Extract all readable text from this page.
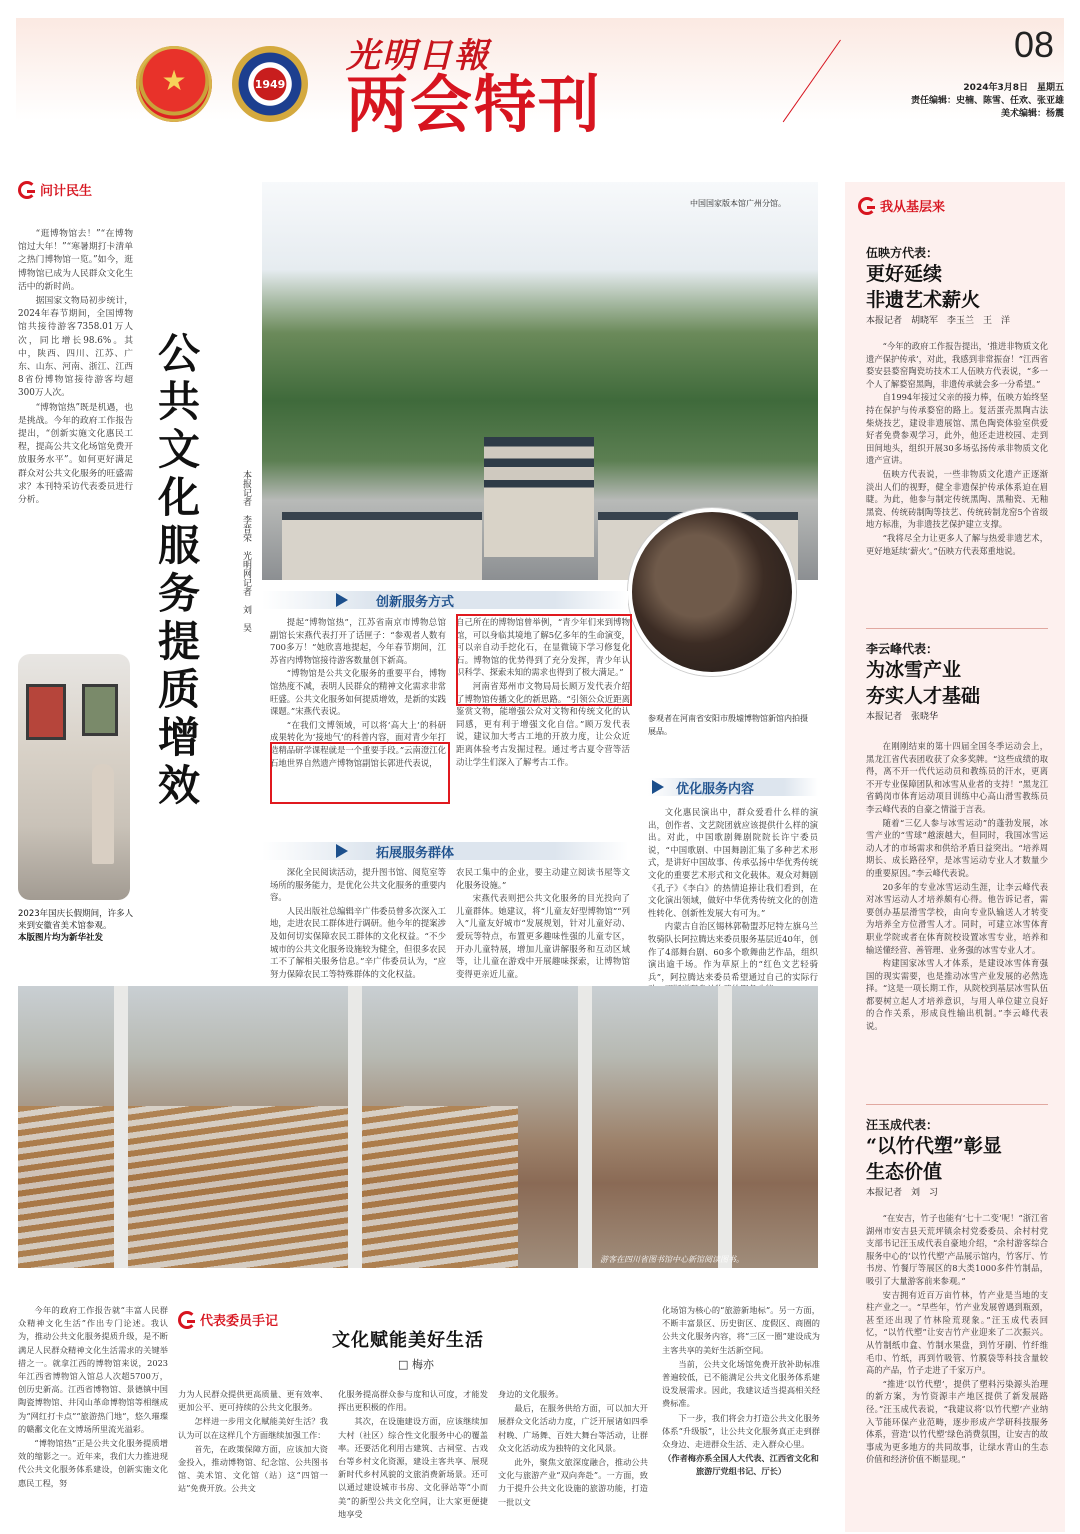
★	1949
光明日報
两会特刊
08
2024年3月8日　星期五
责任编辑：史楠、陈雪、任欢、张亚雄
美术编辑：杨震
问计民生

“逛博物馆去！”“在博物馆过大年！”“寒暑期打卡清单之热门博物馆一览。”如今，逛博物馆已成为人民群众文化生活中的新时尚。

据国家文物局初步统计，2024年春节期间，全国博物馆共接待游客7358.01万人次，同比增长98.6%。其中，陕西、四川、江苏、广东、山东、河南、浙江、江西8省份博物馆接待游客均超300万人次。

“博物馆热”既是机遇，也是挑战。今年的政府工作报告提出，“创新实施文化惠民工程，提高公共文化场馆免费开放服务水平”。如何更好满足群众对公共文化服务的旺盛需求？本刊特采访代表委员进行分析。

公共文化服务提质增效
本报记者　李晋荣　光明网记者　刘　昊
2023年国庆长假期间，许多人来到安徽省美术馆参观。
本版图片均为新华社发
中国国家版本馆广州分馆。
创新服务方式
优化服务内容
拓展服务群体

提起“博物馆热”，江苏省南京市博物总馆副馆长宋燕代表打开了话匣子：“参观者人数有700多万！”她欣喜地提起，今年春节期间，江苏省内博物馆接待游客数量创下新高。

“博物馆是公共文化服务的重要平台，博物馆热度不减，表明人民群众的精神文化需求非常旺盛。公共文化服务如何提质增效，是新的实践课题。”宋燕代表说。

“在我们文博领域，可以将‘高大上’的科研成果转化为‘接地气’的科普内容，面对青少年打造精品研学课程就是一个重要手段。”云南澄江化石地世界自然遗产博物馆副馆长郭进代表说，

自己所在的博物馆曾举例，“青少年们来到博物馆，可以身临其境地了解5亿多年的生命演变，可以亲自动手挖化石，在显微镜下学习修复化石。博物馆的优势得到了充分发挥，青少年认识科学、探索未知的需求也得到了极大满足。”

河南省郑州市文物局局长顾万发代表介绍了博物馆传播文化的新思路。“引领公众近距离鉴赏文物，能增强公众对文物和传统文化的认同感，更有利于增强文化自信。”顾万发代表说，建议加大考古工地的开放力度，让公众近距离体验考古发掘过程。通过考古夏令营等活动让学生们深入了解考古工作。

参观者在河南省安阳市殷墟博物馆新馆内拍摄展品。

文化惠民演出中，群众爱看什么样的演出，创作者、文艺院团就应该提供什么样的演出。对此，中国歌剧舞剧院院长许宁委员说，“中国歌剧、中国舞剧汇集了多种艺术形式，是讲好中国故事、传承弘扬中华优秀传统文化的重要艺术形式和文化载体。观众对舞剧《孔子》《李白》的热情追捧让我们看到，在文化演出领域，做好中华优秀传统文化的创造性转化、创新性发展大有可为。”

内蒙古自治区锡林郭勒盟苏尼特左旗乌兰牧骑队长阿拉腾达来委员服务基层近40年，创作了4部舞台剧、60多个歌舞曲艺作品，组织演出逾千场。作为草原上的“红色文艺轻骑兵”，阿拉腾达来委员希望通过自己的实际行

深化全民阅读活动，提升图书馆、阅览室等场所的服务能力，是优化公共文化服务的重要内容。

人民出版社总编辑辛广伟委员曾多次深入工地，走进农民工群体进行调研。他今年的提案涉及如何切实保障农民工群体的文化权益。“不少城市的公共文化服务设施较为健全，但很多农民工不了解相关服务信息。”辛广伟委员认为，“应努力保障农民工等特殊群体的文化权益。

农民工集中的企业，要主动建立阅读书屋等文化服务设施。”

宋燕代表则把公共文化服务的目光投向了儿童群体。她建议，将“儿童友好型博物馆”“列入”儿童友好城市“发展规划，针对儿童好动、爱玩等特点，布置更多趣味性强的儿童专区，开办儿童特展，增加儿童讲解服务和互动区域等，让儿童在游戏中开展趣味探索，让博物馆变得更亲近儿童。

游客在四川省图书馆中心新馆阅读图书。

今年的政府工作报告就“丰富人民群众精神文化生活”作出专门论述。我认为，推动公共文化服务提质升级，是不断满足人民群众精神文化生活需求的关键举措之一。就拿江西的博物馆来说，2023年江西省博物馆入馆总人次超5700万，创历史新高。江西省博物馆、景德镇中国陶瓷博物馆、井冈山革命博物馆等相继成为“网红打卡点”“旅游热门地”，悠久璀璨的赣鄱文化在文博场所里流光溢彩。

“博物馆热”正是公共文化服务提质增效的缩影之一。近年来，我们大力推进现代公共文化服务体系建设，创新实施文化惠民工程，努

代表委员手记
文化赋能美好生活
□ 梅亦

力为人民群众提供更高质量、更有效率、更加公平、更可持续的公共文化服务。

怎样进一步用文化赋能美好生活？我认为可以在这样几个方面继续加强工作：

首先，在政策保障方面，应该加大资金投入，推动博物馆、纪念馆、公共图书馆、美术馆、文化馆（站）这“四馆一站”免费开放。公共文

化服务提高群众参与度和认可度，才能发挥出更积极的作用。

其次，在设施建设方面，应该继续加大村（社区）综合性文化服务中心的覆盖率。还要活化利用古建筑、古祠堂、古戏台等乡村文化资源，建设主客共享、展现新时代乡村风貌的文旅消费新场景。还可以通过建设城市书房、文化驿站等“小而美”的新型公共文化空间，让大家更便捷地享受

身边的文化服务。

最后，在服务供给方面，可以加大开展群众文化活动力度，广泛开展诸如四季村晚、广场舞、百姓大舞台等活动，让群众文化活动成为独特的文化风景。

此外，聚焦文旅深度融合，推动公共文化与旅游产业“双向奔赴”。一方面，致力于提升公共文化设施的旅游功能，打造一批以文

化场馆为核心的“旅游新地标”。另一方面，不断丰富景区、历史街区、度假区、商圈的公共文化服务内容，将“三区一圈”建设成为主客共享的美好生活新空间。

当前，公共文化场馆免费开放补助标准普遍较低，已不能满足公共文化服务体系建设发展需求。因此，我建议适当提高相关经费标准。

下一步，我们将会力打造公共文化服务体系“升级版”，让公共文化服务真正走到群众身边、走进群众生活、走入群众心里。

（作者梅亦系全国人大代表、江西省文化和旅游厅党组书记、厅长）

我从基层来
伍映方代表：
更好延续
非遗艺术薪火
本报记者　胡晓军　李玉兰　王　洋

“今年的政府工作报告提出，‘推进非物质文化遗产保护传承’，对此，我感到非常振奋！”江西省婺安县婺窑陶瓷坊技术工人伍映方代表说，“多一个人了解婺窑黑陶，非遗传承就会多一分希望。”

自1994年接过父亲的接力棒，伍映方始终坚持在保护与传承婺窑的路上。复活蛋壳黑陶古法柴烧技艺，建设非遗展馆、黑色陶瓷体验室供爱好者免费参观学习，此外，他还走进校园、走到田间地头，组织开展30多场弘扬传承非物质文化遗产宣讲。

伍映方代表说，一些非物质文化遗产正逐渐淡出人们的视野，健全非遗保护传承体系迫在眉睫。为此，他参与制定传统黑陶、黑釉瓷、无釉黑瓷、传统砖制陶等技艺、传统砖制龙窑5个省级地方标准，为非遗技艺保护建立支撑。

“我将尽全力让更多人了解与热爱非遗艺术，更好地延续‘薪火’。”伍映方代表郑重地说。

李云峰代表：
为冰雪产业
夯实人才基础
本报记者　张晓华

在刚刚结束的第十四届全国冬季运动会上，黑龙江省代表团收获了众多奖牌。“这些成绩的取得，离不开一代代运动员和教练员的汗水，更离不开专业保障团队和冰雪从业者的支持！”黑龙江省鹤岗市体育运动项目训练中心高山滑雪教练员李云峰代表的自豪之情溢于言表。

随着“三亿人参与冰雪运动”的蓬勃发展，冰雪产业的“雪球”越滚越大，但同时，我国冰雪运动人才的市场需求和供给矛盾日益突出。“培养周期长、成长路径窄，是冰雪运动专业人才数量少的重要原因。”李云峰代表说。

20多年的专业冰雪运动生涯，让李云峰代表对冰雪运动人才培养颇有心得。他告诉记者，需要创办基层滑雪学校，由向专业队输送人才转变为培养全方位滑雪人才。同时，可建立冰雪体育职业学院或者在体育院校设置冰雪专业，培养和输送懂经营、善管理、业务强的冰雪专业人才。

构建国家冰雪人才体系，是建设冰雪体育强国的现实需要，也是推动冰雪产业发展的必然选择。“这是一项长期工作，从院校到基层冰雪队伍都要树立起人才培养意识，与用人单位建立良好的合作关系，形成良性输出机制。”李云峰代表说。

汪玉成代表：
“以竹代塑”彰显
生态价值
本报记者　刘　习

“在安吉，竹子也能有‘七十二变’呢！”浙江省湖州市安吉县天荒坪镇余村党委委员、余村村党支部书记汪玉成代表自豪地介绍，“余村游客综合服务中心的‘以竹代塑’产品展示馆内，竹客厅、竹书房、竹餐厅等展区的8大类1000多件竹制品，吸引了大量游客前来参观。”

安吉拥有近百万亩竹林，竹产业是当地的支柱产业之一。“早些年，竹产业发展曾遇到瓶颈，甚至还出现了竹林险荒现象。”汪玉成代表回忆，“以竹代塑”让安吉竹产业迎来了二次振兴。从竹制纸巾盒、竹制水果盘，到竹牙刷、竹纤维毛巾、竹纸，再到竹吸管、竹膜袋等科技含量较高的产品，竹子走进了千家万户。

“推进‘以竹代塑’，提供了塑料污染源头治理的新方案，为竹资源丰产地区提供了新发展路径。”汪玉成代表说，“我建议将‘以竹代塑’产业纳入节能环保产业范畴，逐步形成产学研科技服务体系，营造‘以竹代塑’绿色消费氛围，让安吉的故事成为更多地方的共同故事，让绿水青山的生态价值和经济价值不断显现。”
